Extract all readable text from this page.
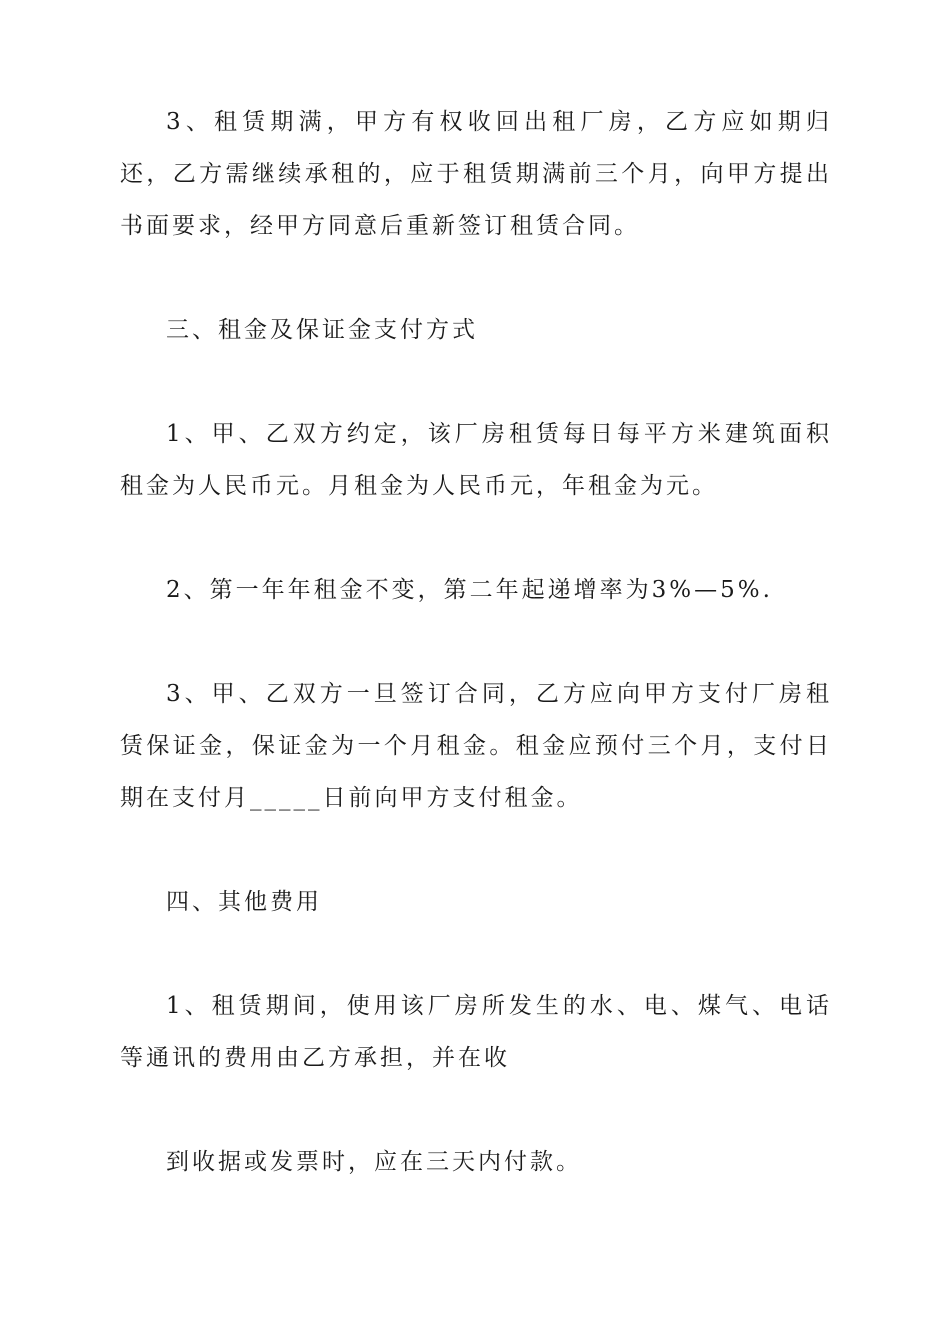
3、租赁期满，甲方有权收回出租厂房，乙方应如期归还，乙方需继续承租的，应于租赁期满前三个月，向甲方提出书面要求，经甲方同意后重新签订租赁合同。

三、租金及保证金支付方式

1、甲、乙双方约定，该厂房租赁每日每平方米建筑面积租金为人民币元。月租金为人民币元，年租金为元。

2、第一年年租金不变，第二年起递增率为3%—5%.

3、甲、乙双方一旦签订合同，乙方应向甲方支付厂房租赁保证金，保证金为一个月租金。租金应预付三个月，支付日期在支付月_____日前向甲方支付租金。

四、其他费用

1、租赁期间，使用该厂房所发生的水、电、煤气、电话等通讯的费用由乙方承担，并在收

到收据或发票时，应在三天内付款。
